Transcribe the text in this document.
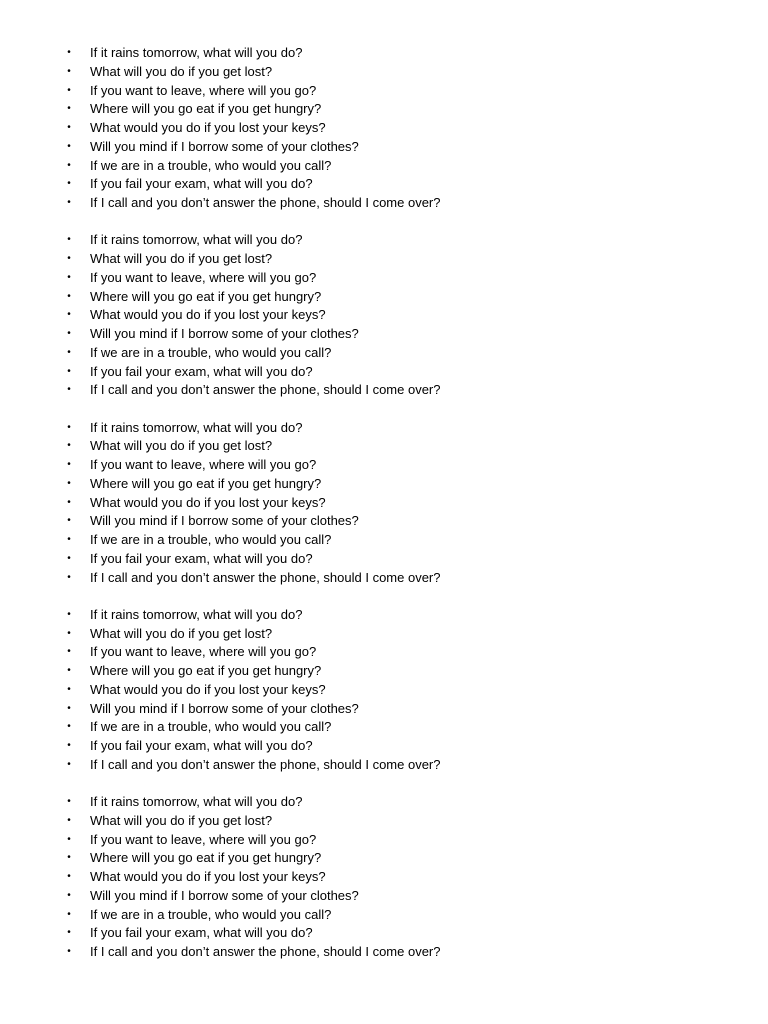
• If it rains tomorrow, what will you do?
• What will you do if you get lost?
• If you want to leave, where will you go?
• Where will you go eat if you get hungry?
• What would you do if you lost your keys?
• Will you mind if I borrow some of your clothes?
• If we are in a trouble, who would you call?
• If you fail your exam, what will you do?
• If I call and you don’t answer the phone, should I come over?
• If it rains tomorrow, what will you do?
• What will you do if you get lost?
• If you want to leave, where will you go?
• Where will you go eat if you get hungry?
• What would you do if you lost your keys?
• Will you mind if I borrow some of your clothes?
• If we are in a trouble, who would you call?
• If you fail your exam, what will you do?
• If I call and you don’t answer the phone, should I come over?
• If it rains tomorrow, what will you do?
• What will you do if you get lost?
• If you want to leave, where will you go?
• Where will you go eat if you get hungry?
• What would you do if you lost your keys?
• Will you mind if I borrow some of your clothes?
• If we are in a trouble, who would you call?
• If you fail your exam, what will you do?
• If I call and you don’t answer the phone, should I come over?
• If it rains tomorrow, what will you do?
• What will you do if you get lost?
• If you want to leave, where will you go?
• Where will you go eat if you get hungry?
• What would you do if you lost your keys?
• Will you mind if I borrow some of your clothes?
• If we are in a trouble, who would you call?
• If you fail your exam, what will you do?
• If I call and you don’t answer the phone, should I come over?
• If it rains tomorrow, what will you do?
• What will you do if you get lost?
• If you want to leave, where will you go?
• Where will you go eat if you get hungry?
• What would you do if you lost your keys?
• Will you mind if I borrow some of your clothes?
• If we are in a trouble, who would you call?
• If you fail your exam, what will you do?
• If I call and you don’t answer the phone, should I come over?
